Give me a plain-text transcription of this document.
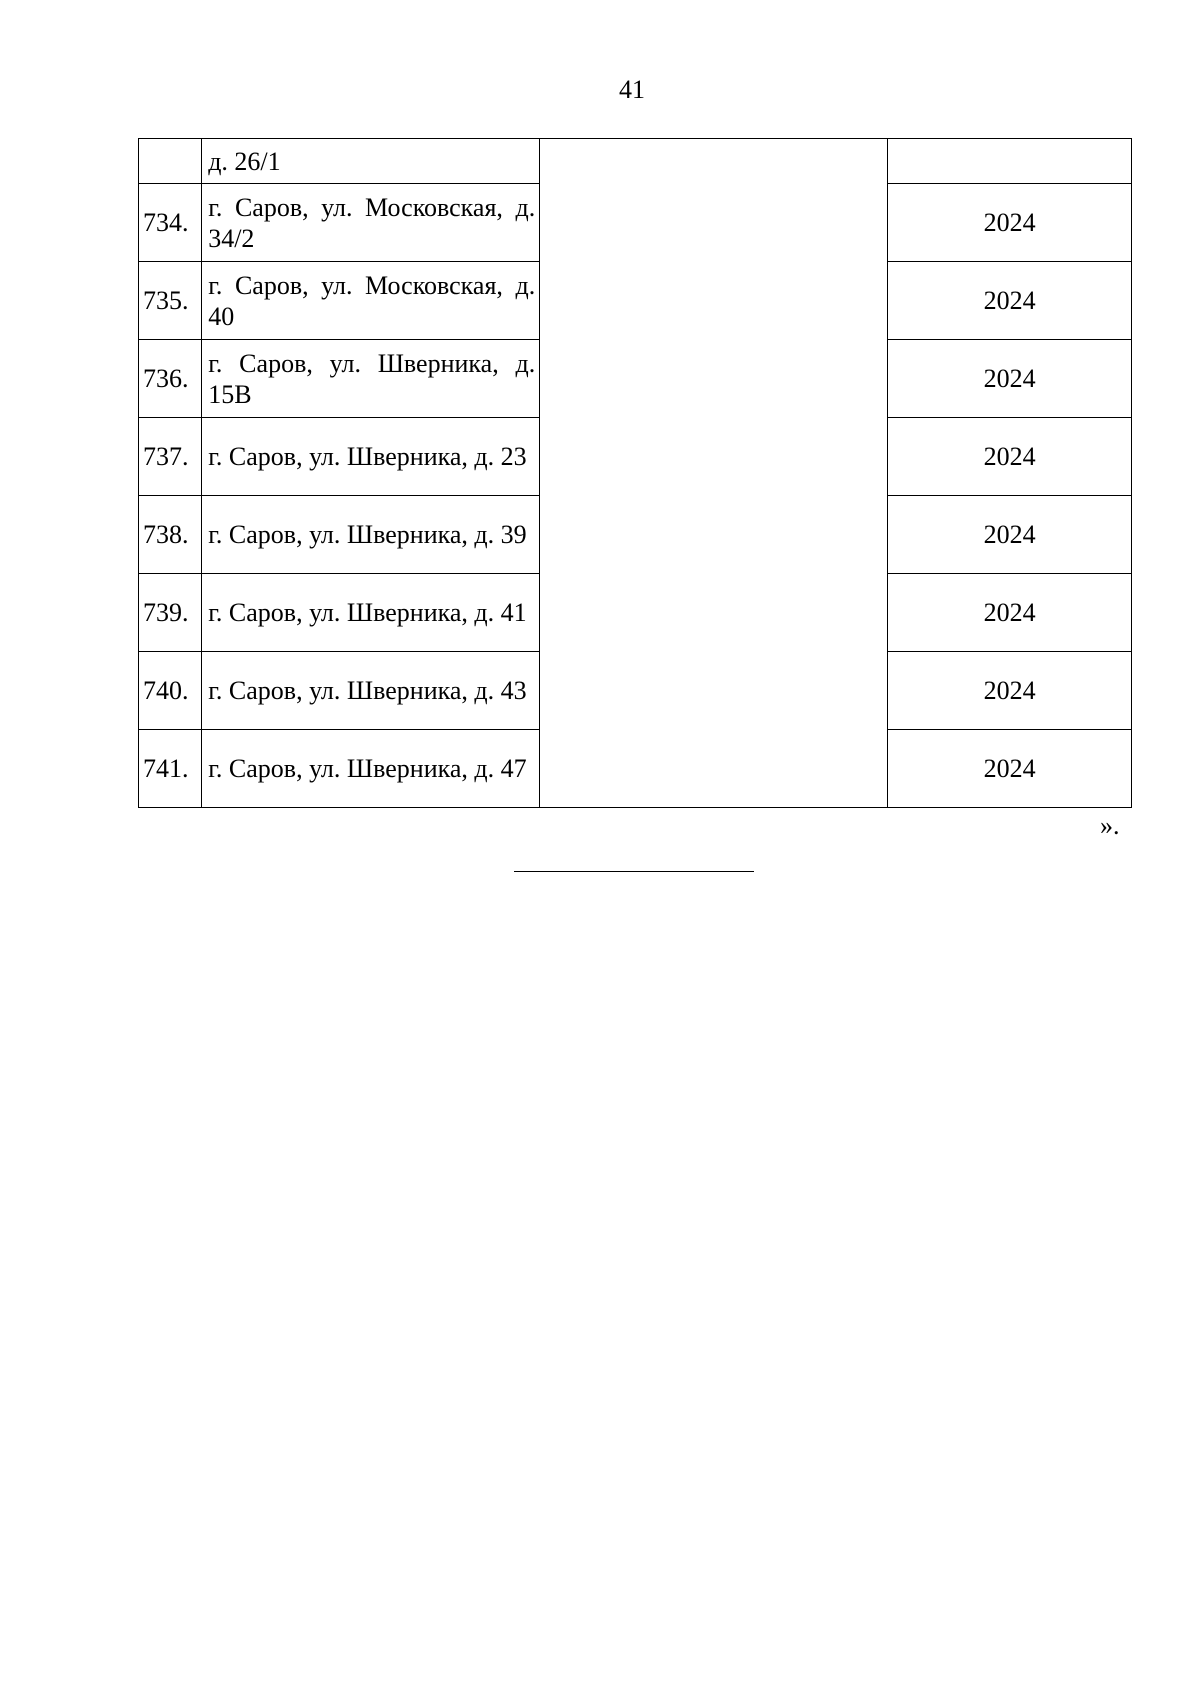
41
	д. 26/1		
734.	г. Саров, ул. Московская, д. 34/2		2024
735.	г. Саров, ул. Московская, д. 40		2024
736.	г. Саров, ул. Шверника, д. 15В		2024
737.	г. Саров, ул. Шверника, д. 23		2024
738.	г. Саров, ул. Шверника, д. 39		2024
739.	г. Саров, ул. Шверника, д. 41		2024
740.	г. Саров, ул. Шверника, д. 43		2024
741.	г. Саров, ул. Шверника, д. 47		2024
».
